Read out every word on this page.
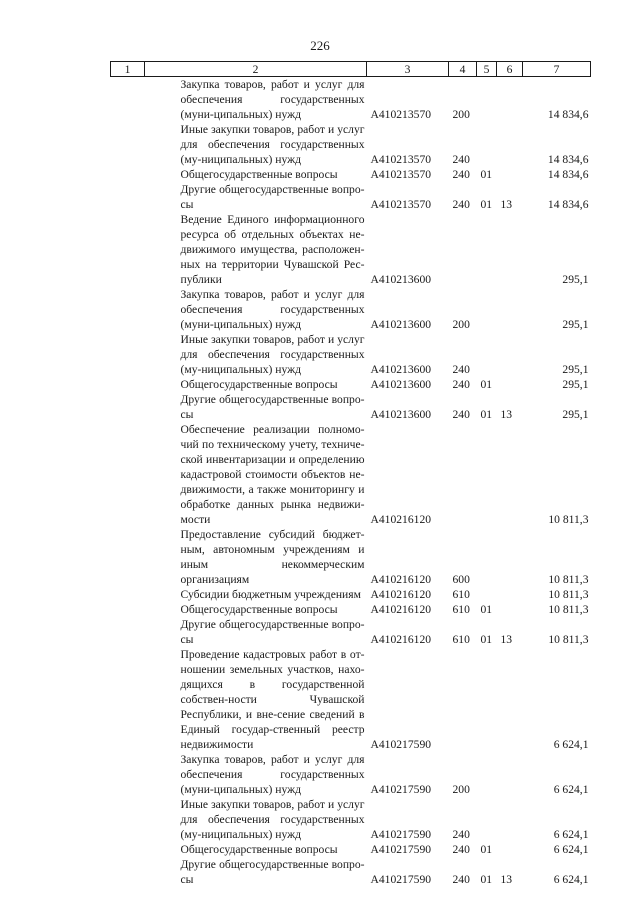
226
1	2	3	4	5	6	7
	Закупка товаров, работ и услуг для обеспечения государственных (муни-ципальных) нужд	А410213570	200			14 834,6
	Иные закупки товаров, работ и услуг для обеспечения государственных (му-ниципальных) нужд	А410213570	240			14 834,6
	Общегосударственные вопросы	А410213570	240	01		14 834,6
	Другие общегосударственные вопро-сы	А410213570	240	01	13	14 834,6
	Ведение Единого информационного ресурса об отдельных объектах не-движимого имущества, расположен-ных на территории Чувашской Рес-публики	А410213600				295,1
	Закупка товаров, работ и услуг для обеспечения государственных (муни-ципальных) нужд	А410213600	200			295,1
	Иные закупки товаров, работ и услуг для обеспечения государственных (му-ниципальных) нужд	А410213600	240			295,1
	Общегосударственные вопросы	А410213600	240	01		295,1
	Другие общегосударственные вопро-сы	А410213600	240	01	13	295,1
	Обеспечение реализации полномо-чий по техническому учету, техниче-ской инвентаризации и определению кадастровой стоимости объектов не-движимости, а также мониторингу и обработке данных рынка недвижи-мости	А410216120				10 811,3
	Предоставление субсидий бюджет-ным, автономным учреждениям и иным некоммерческим организациям	А410216120	600			10 811,3
	Субсидии бюджетным учреждениям	А410216120	610			10 811,3
	Общегосударственные вопросы	А410216120	610	01		10 811,3
	Другие общегосударственные вопро-сы	А410216120	610	01	13	10 811,3
	Проведение кадастровых работ в от-ношении земельных участков, нахо-дящихся в государственной собствен-ности Чувашской Республики, и вне-сение сведений в Единый государ-ственный реестр недвижимости	А410217590				6 624,1
	Закупка товаров, работ и услуг для обеспечения государственных (муни-ципальных) нужд	А410217590	200			6 624,1
	Иные закупки товаров, работ и услуг для обеспечения государственных (му-ниципальных) нужд	А410217590	240			6 624,1
	Общегосударственные вопросы	А410217590	240	01		6 624,1
	Другие общегосударственные вопро-сы	А410217590	240	01	13	6 624,1
